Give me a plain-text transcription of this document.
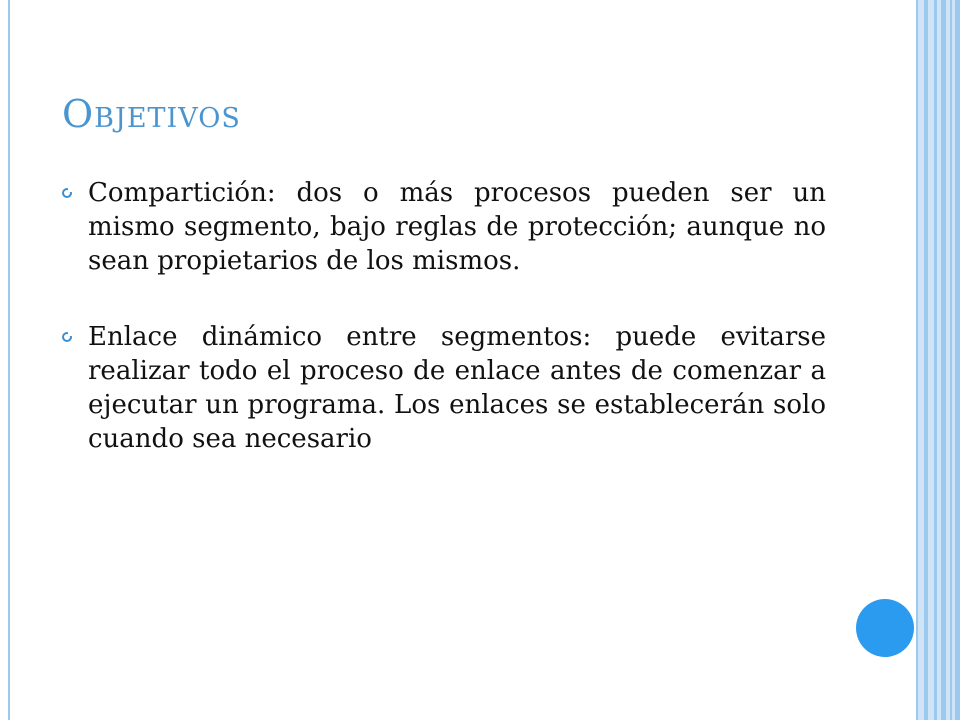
Objetivos
Compartición: dos o más procesos pueden ser un mismo segmento, bajo reglas de protección; aunque no sean propietarios de los mismos.
Enlace dinámico entre segmentos: puede evitarse realizar todo el proceso de enlace antes de comenzar a ejecutar un programa. Los enlaces se establecerán solo cuando sea necesario
